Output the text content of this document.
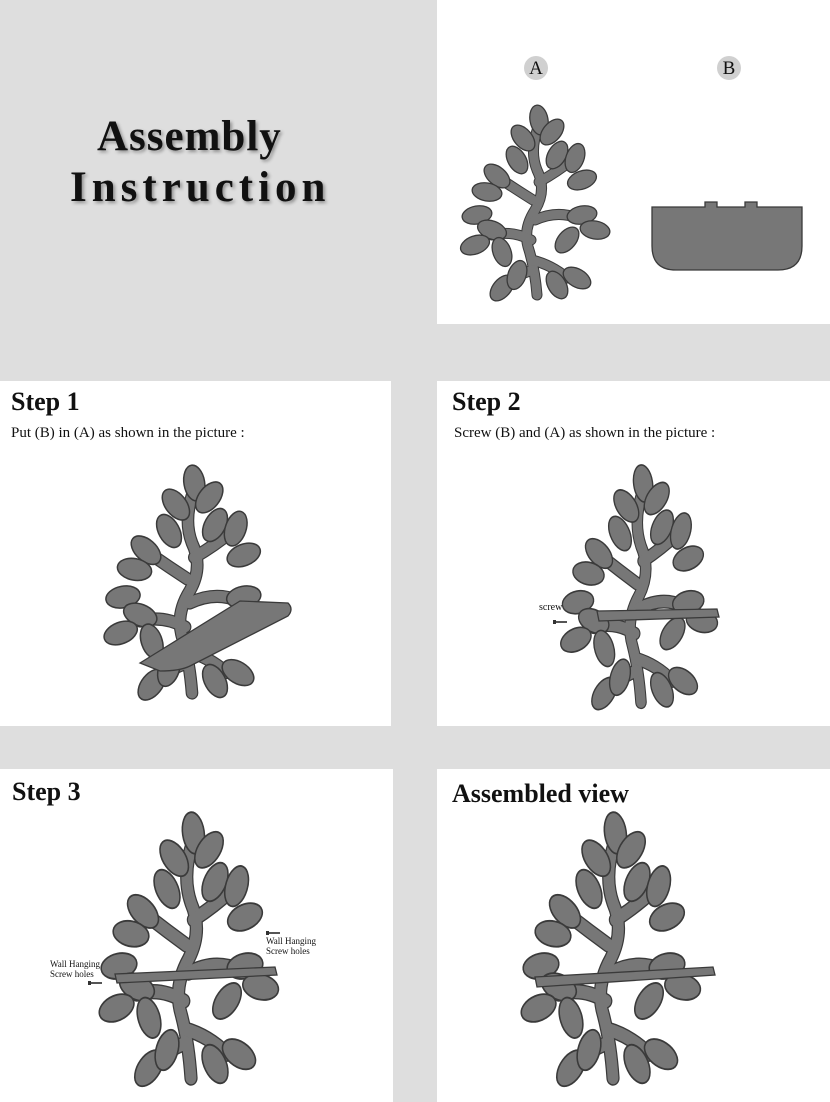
Assembly
Instruction
A	B
Step 1
Put (B) in (A) as shown in the picture :
Step 2
Screw (B) and (A) as shown in the picture :
screw
Step 3
Wall Hanging
Screw holes
Wall Hanging
Screw holes
Assembled view
